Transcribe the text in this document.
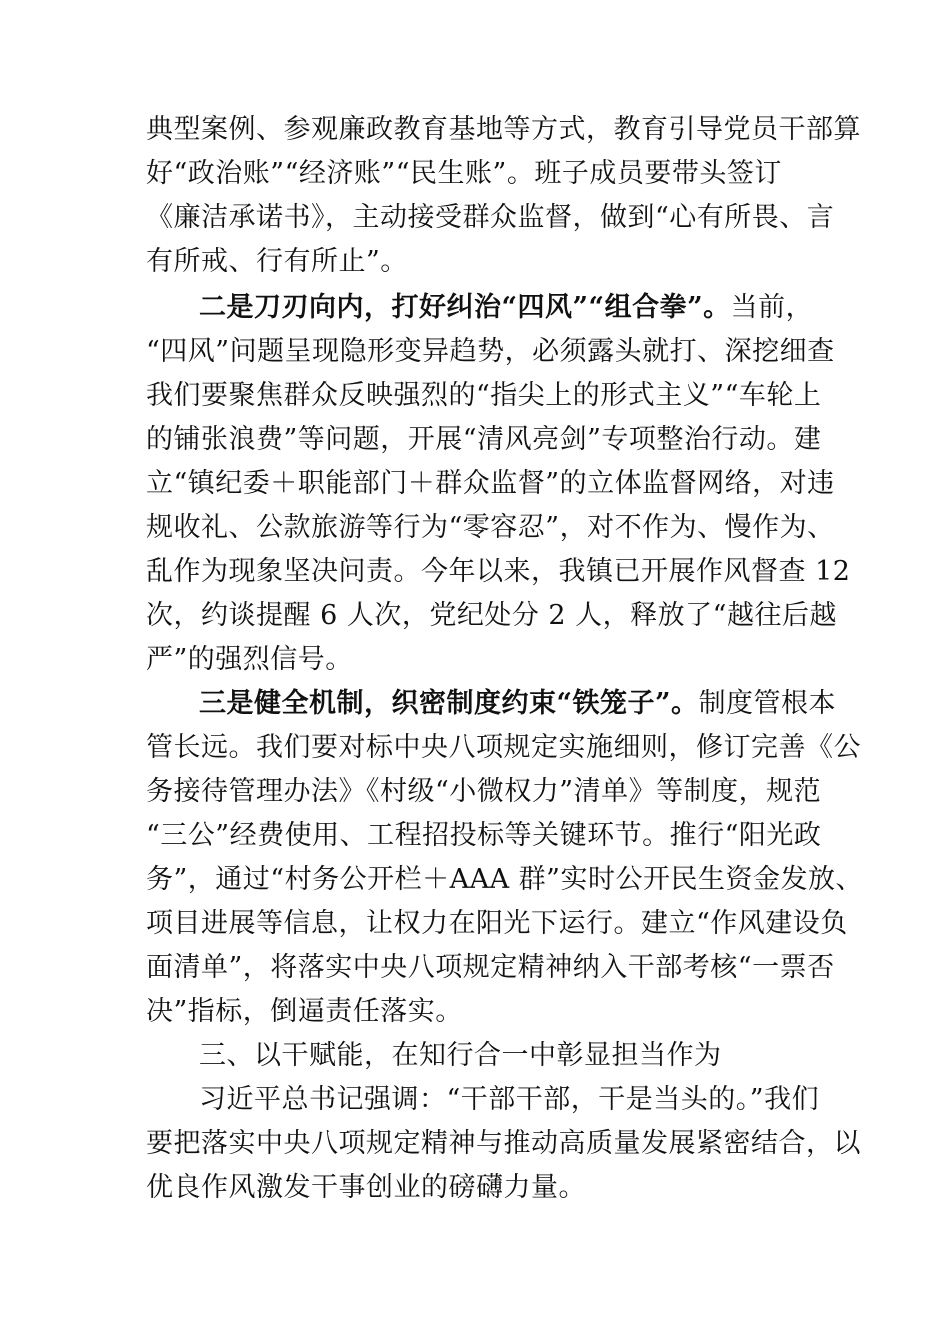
典型案例、参观廉政教育基地等方式，教育引导党员干部算
好“政治账”“经济账”“民生账”。班子成员要带头签订
《廉洁承诺书》，主动接受群众监督，做到“心有所畏、言
有所戒、行有所止”。
二是刀刃向内，打好纠治“四风”“组合拳”。当前，
“四风”问题呈现隐形变异趋势，必须露头就打、深挖细查
我们要聚焦群众反映强烈的“指尖上的形式主义”“车轮上
的铺张浪费”等问题，开展“清风亮剑”专项整治行动。建
立“镇纪委＋职能部门＋群众监督”的立体监督网络，对违
规收礼、公款旅游等行为“零容忍”，对不作为、慢作为、
乱作为现象坚决问责。今年以来，我镇已开展作风督查 12
次，约谈提醒 6 人次，党纪处分 2 人，释放了“越往后越
严”的强烈信号。
三是健全机制，织密制度约束“铁笼子”。制度管根本
管长远。我们要对标中央八项规定实施细则，修订完善《公
务接待管理办法》《村级“小微权力”清单》等制度，规范
“三公”经费使用、工程招投标等关键环节。推行“阳光政
务”，通过“村务公开栏＋AAA 群”实时公开民生资金发放、
项目进展等信息，让权力在阳光下运行。建立“作风建设负
面清单”，将落实中央八项规定精神纳入干部考核“一票否
决”指标，倒逼责任落实。
三、以干赋能，在知行合一中彰显担当作为
习近平总书记强调：“干部干部，干是当头的。”我们
要把落实中央八项规定精神与推动高质量发展紧密结合，以
优良作风激发干事创业的磅礴力量。
